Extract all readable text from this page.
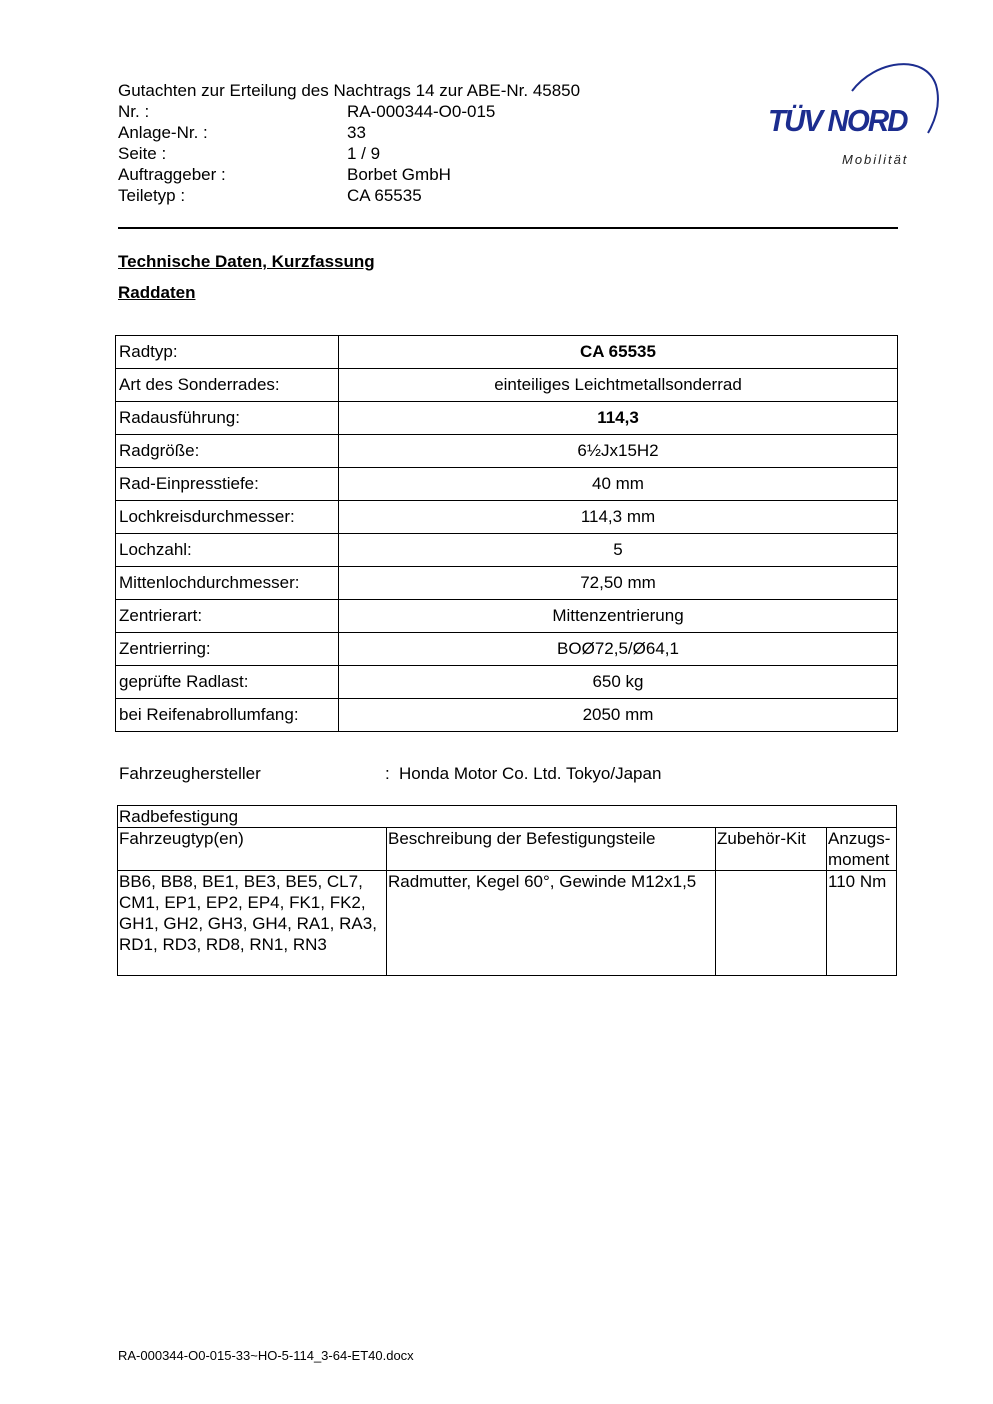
Gutachten zur Erteilung des Nachtrags 14 zur ABE-Nr. 45850
Nr. :	RA-000344-O0-015
Anlage-Nr. :	33
Seite :	1 / 9
Auftraggeber :	Borbet GmbH
Teiletyp :	CA 65535
TÜV NORD
Mobilität
Technische Daten, Kurzfassung
Raddaten
Radtyp:	CA 65535
Art des Sonderrades:	einteiliges Leichtmetallsonderrad
Radausführung:	114,3
Radgröße:	6½Jx15H2
Rad-Einpresstiefe:	40 mm
Lochkreisdurchmesser:	114,3 mm
Lochzahl:	5
Mittenlochdurchmesser:	72,50 mm
Zentrierart:	Mittenzentrierung
Zentrierring:	BOØ72,5/Ø64,1
geprüfte Radlast:	650 kg
bei Reifenabrollumfang:	2050 mm
Fahrzeughersteller	: Honda Motor Co. Ltd. Tokyo/Japan
Radbefestigung			
Fahrzeugtyp(en)	Beschreibung der Befestigungsteile	Zubehör-Kit	Anzugs-
moment
BB6, BB8, BE1, BE3, BE5, CL7, CM1, EP1, EP2, EP4, FK1, FK2, GH1, GH2, GH3, GH4, RA1, RA3, RD1, RD3, RD8, RN1, RN3	Radmutter, Kegel 60°, Gewinde M12x1,5		110 Nm
RA-000344-O0-015-33~HO-5-114_3-64-ET40.docx
